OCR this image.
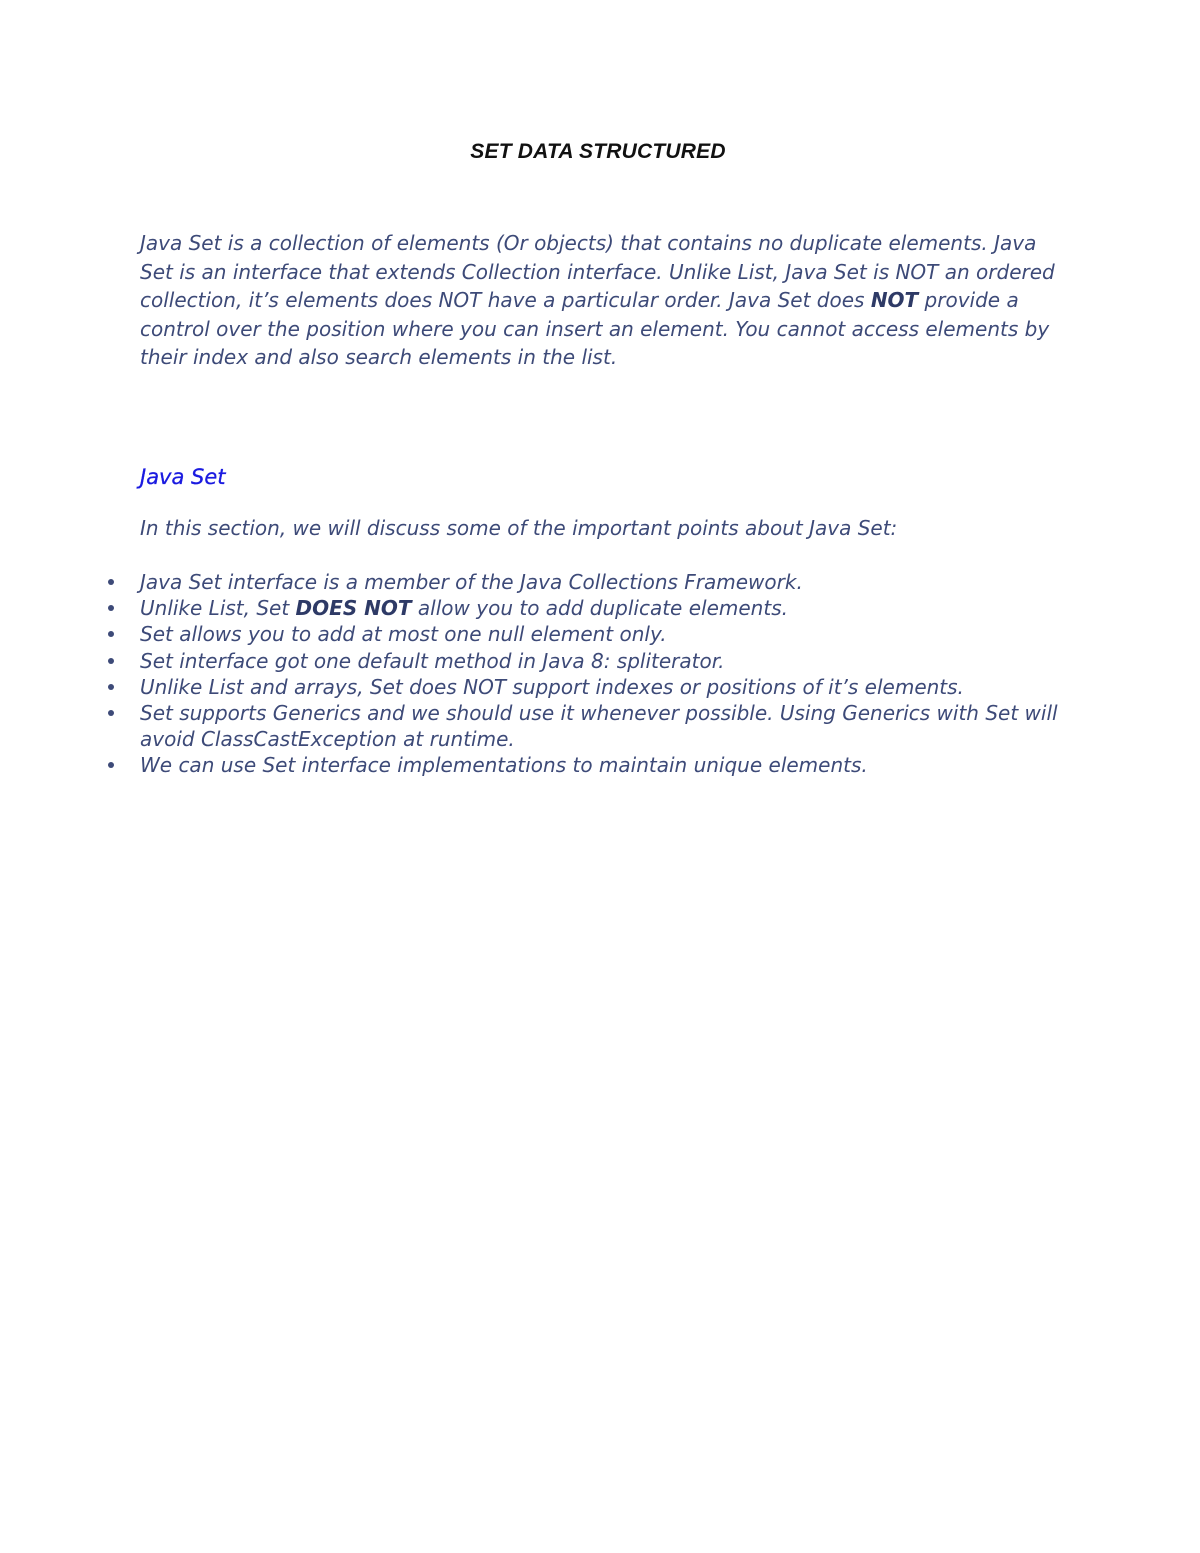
SET DATA STRUCTURED

Java Set is a collection of elements (Or objects) that contains no duplicate elements. Java Set is an interface that extends Collection interface. Unlike List, Java Set is NOT an ordered collection, it’s elements does NOT have a particular order. Java Set does NOT provide a control over the position where you can insert an element. You cannot access elements by their index and also search elements in the list.

Java Set

In this section, we will discuss some of the important points about Java Set:

Java Set interface is a member of the Java Collections Framework.
Unlike List, Set DOES NOT allow you to add duplicate elements.
Set allows you to add at most one null element only.
Set interface got one default method in Java 8: spliterator.
Unlike List and arrays, Set does NOT support indexes or positions of it’s elements.
Set supports Generics and we should use it whenever possible. Using Generics with Set will avoid ClassCastException at runtime.
We can use Set interface implementations to maintain unique elements.
